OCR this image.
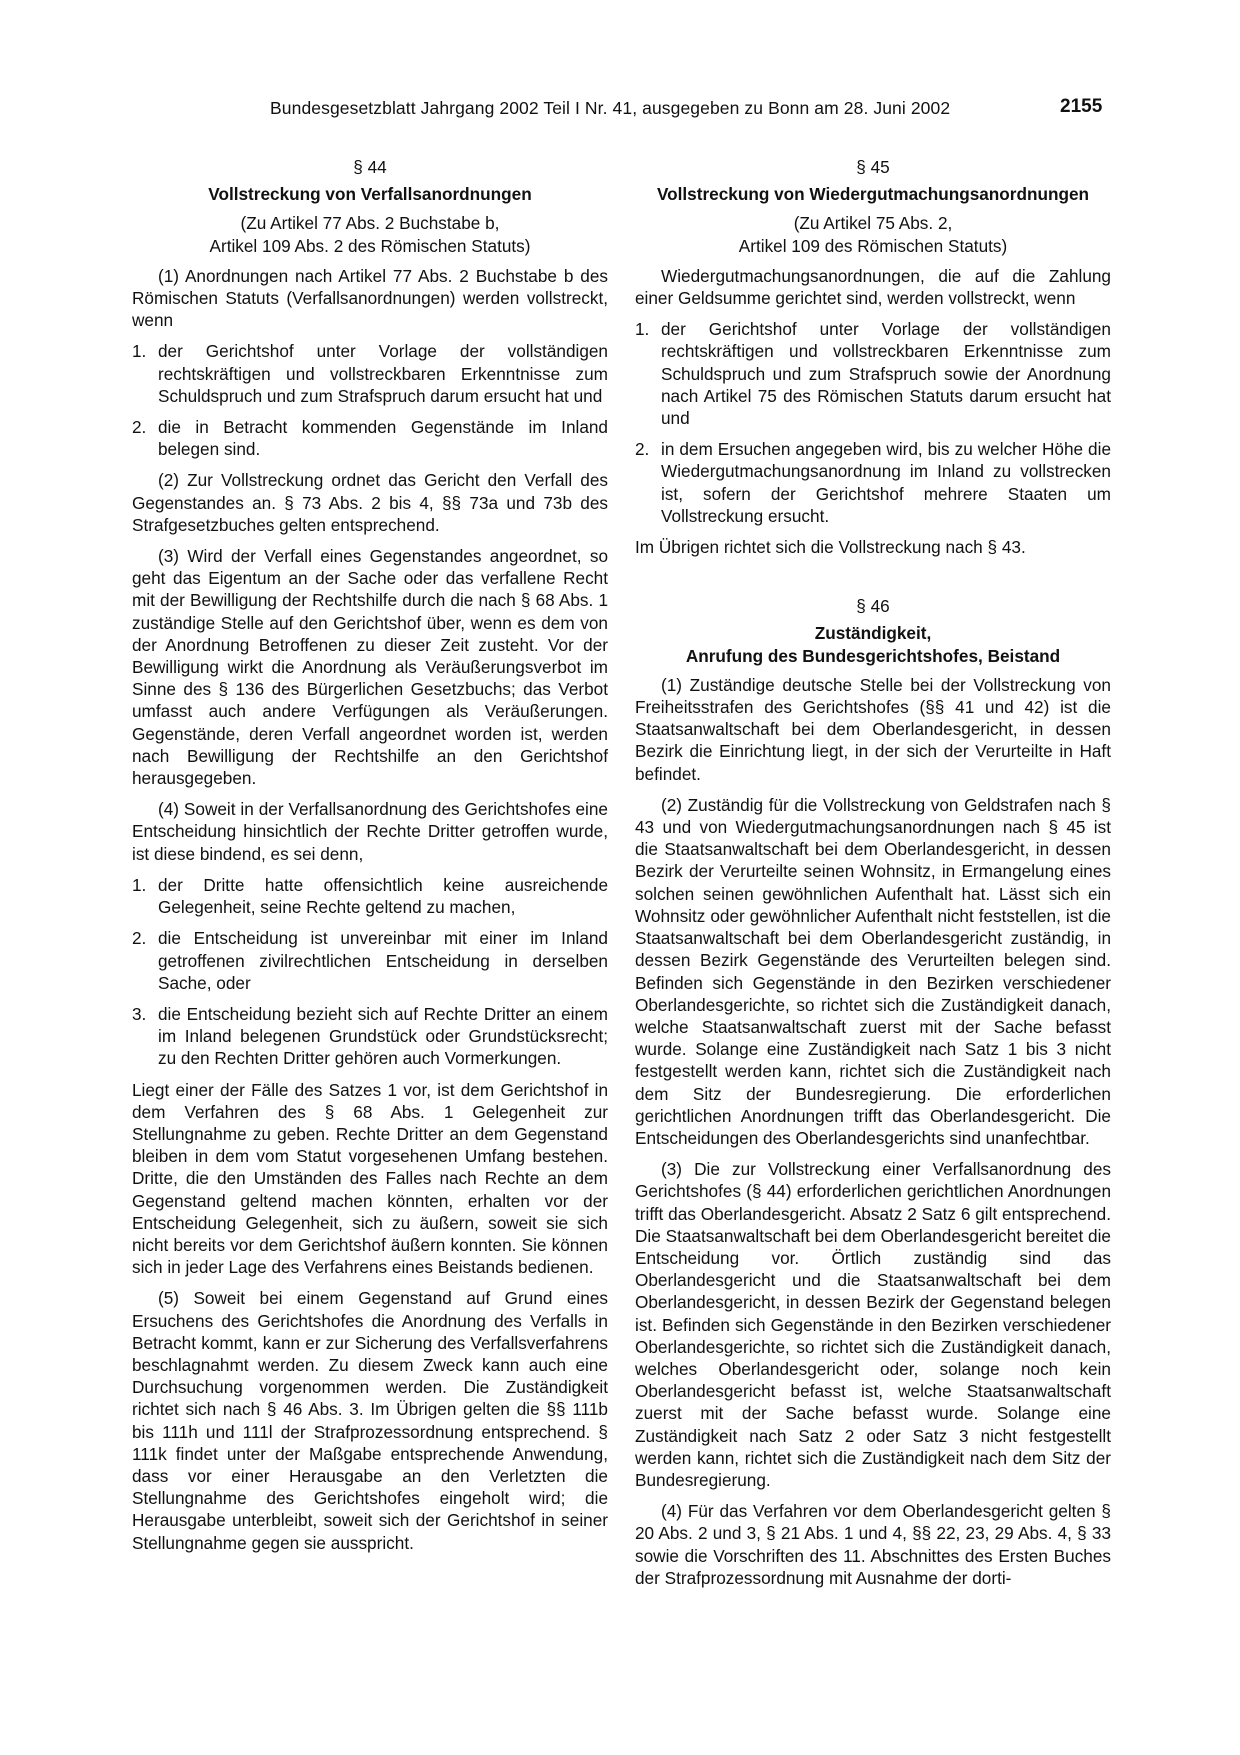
Bundesgesetzblatt Jahrgang 2002 Teil I Nr. 41, ausgegeben zu Bonn am 28. Juni 2002	2155
§ 44
Vollstreckung von Verfallsanordnungen
(Zu Artikel 77 Abs. 2 Buchstabe b,
Artikel 109 Abs. 2 des Römischen Statuts)
(1) Anordnungen nach Artikel 77 Abs. 2 Buchstabe b des Römischen Statuts (Verfallsanordnungen) werden vollstreckt, wenn
1. der Gerichtshof unter Vorlage der vollständigen rechtskräftigen und vollstreckbaren Erkenntnisse zum Schuldspruch und zum Strafspruch darum ersucht hat und
2. die in Betracht kommenden Gegenstände im Inland belegen sind.
(2) Zur Vollstreckung ordnet das Gericht den Verfall des Gegenstandes an. § 73 Abs. 2 bis 4, §§ 73a und 73b des Strafgesetzbuches gelten entsprechend.
(3) Wird der Verfall eines Gegenstandes angeordnet, so geht das Eigentum an der Sache oder das verfallene Recht mit der Bewilligung der Rechtshilfe durch die nach § 68 Abs. 1 zuständige Stelle auf den Gerichtshof über, wenn es dem von der Anordnung Betroffenen zu dieser Zeit zusteht. Vor der Bewilligung wirkt die Anordnung als Veräußerungsverbot im Sinne des § 136 des Bürgerlichen Gesetzbuchs; das Verbot umfasst auch andere Verfügungen als Veräußerungen. Gegenstände, deren Verfall angeordnet worden ist, werden nach Bewilligung der Rechtshilfe an den Gerichtshof herausgegeben.
(4) Soweit in der Verfallsanordnung des Gerichtshofes eine Entscheidung hinsichtlich der Rechte Dritter getroffen wurde, ist diese bindend, es sei denn,
1. der Dritte hatte offensichtlich keine ausreichende Gelegenheit, seine Rechte geltend zu machen,
2. die Entscheidung ist unvereinbar mit einer im Inland getroffenen zivilrechtlichen Entscheidung in derselben Sache, oder
3. die Entscheidung bezieht sich auf Rechte Dritter an einem im Inland belegenen Grundstück oder Grundstücksrecht; zu den Rechten Dritter gehören auch Vormerkungen.
Liegt einer der Fälle des Satzes 1 vor, ist dem Gerichtshof in dem Verfahren des § 68 Abs. 1 Gelegenheit zur Stellungnahme zu geben. Rechte Dritter an dem Gegenstand bleiben in dem vom Statut vorgesehenen Umfang bestehen. Dritte, die den Umständen des Falles nach Rechte an dem Gegenstand geltend machen könnten, erhalten vor der Entscheidung Gelegenheit, sich zu äußern, soweit sie sich nicht bereits vor dem Gerichtshof äußern konnten. Sie können sich in jeder Lage des Verfahrens eines Beistands bedienen.
(5) Soweit bei einem Gegenstand auf Grund eines Ersuchens des Gerichtshofes die Anordnung des Verfalls in Betracht kommt, kann er zur Sicherung des Verfallsverfahrens beschlagnahmt werden. Zu diesem Zweck kann auch eine Durchsuchung vorgenommen werden. Die Zuständigkeit richtet sich nach § 46 Abs. 3. Im Übrigen gelten die §§ 111b bis 111h und 111l der Strafprozessordnung entsprechend. § 111k findet unter der Maßgabe entsprechende Anwendung, dass vor einer Herausgabe an den Verletzten die Stellungnahme des Gerichtshofes eingeholt wird; die Herausgabe unterbleibt, soweit sich der Gerichtshof in seiner Stellungnahme gegen sie ausspricht.
§ 45
Vollstreckung von Wiedergutmachungsanordnungen
(Zu Artikel 75 Abs. 2,
Artikel 109 des Römischen Statuts)
Wiedergutmachungsanordnungen, die auf die Zahlung einer Geldsumme gerichtet sind, werden vollstreckt, wenn
1. der Gerichtshof unter Vorlage der vollständigen rechtskräftigen und vollstreckbaren Erkenntnisse zum Schuldspruch und zum Strafspruch sowie der Anordnung nach Artikel 75 des Römischen Statuts darum ersucht hat und
2. in dem Ersuchen angegeben wird, bis zu welcher Höhe die Wiedergutmachungsanordnung im Inland zu vollstrecken ist, sofern der Gerichtshof mehrere Staaten um Vollstreckung ersucht.
Im Übrigen richtet sich die Vollstreckung nach § 43.
§ 46
Zuständigkeit,
Anrufung des Bundesgerichtshofes, Beistand
(1) Zuständige deutsche Stelle bei der Vollstreckung von Freiheitsstrafen des Gerichtshofes (§§ 41 und 42) ist die Staatsanwaltschaft bei dem Oberlandesgericht, in dessen Bezirk die Einrichtung liegt, in der sich der Verurteilte in Haft befindet.
(2) Zuständig für die Vollstreckung von Geldstrafen nach § 43 und von Wiedergutmachungsanordnungen nach § 45 ist die Staatsanwaltschaft bei dem Oberlandesgericht, in dessen Bezirk der Verurteilte seinen Wohnsitz, in Ermangelung eines solchen seinen gewöhnlichen Aufenthalt hat. Lässt sich ein Wohnsitz oder gewöhnlicher Aufenthalt nicht feststellen, ist die Staatsanwaltschaft bei dem Oberlandesgericht zuständig, in dessen Bezirk Gegenstände des Verurteilten belegen sind. Befinden sich Gegenstände in den Bezirken verschiedener Oberlandesgerichte, so richtet sich die Zuständigkeit danach, welche Staatsanwaltschaft zuerst mit der Sache befasst wurde. Solange eine Zuständigkeit nach Satz 1 bis 3 nicht festgestellt werden kann, richtet sich die Zuständigkeit nach dem Sitz der Bundesregierung. Die erforderlichen gerichtlichen Anordnungen trifft das Oberlandesgericht. Die Entscheidungen des Oberlandesgerichts sind unanfechtbar.
(3) Die zur Vollstreckung einer Verfallsanordnung des Gerichtshofes (§ 44) erforderlichen gerichtlichen Anordnungen trifft das Oberlandesgericht. Absatz 2 Satz 6 gilt entsprechend. Die Staatsanwaltschaft bei dem Oberlandesgericht bereitet die Entscheidung vor. Örtlich zuständig sind das Oberlandesgericht und die Staatsanwaltschaft bei dem Oberlandesgericht, in dessen Bezirk der Gegenstand belegen ist. Befinden sich Gegenstände in den Bezirken verschiedener Oberlandesgerichte, so richtet sich die Zuständigkeit danach, welches Oberlandesgericht oder, solange noch kein Oberlandesgericht befasst ist, welche Staatsanwaltschaft zuerst mit der Sache befasst wurde. Solange eine Zuständigkeit nach Satz 2 oder Satz 3 nicht festgestellt werden kann, richtet sich die Zuständigkeit nach dem Sitz der Bundesregierung.
(4) Für das Verfahren vor dem Oberlandesgericht gelten § 20 Abs. 2 und 3, § 21 Abs. 1 und 4, §§ 22, 23, 29 Abs. 4, § 33 sowie die Vorschriften des 11. Abschnittes des Ersten Buches der Strafprozessordnung mit Ausnahme der dorti-
